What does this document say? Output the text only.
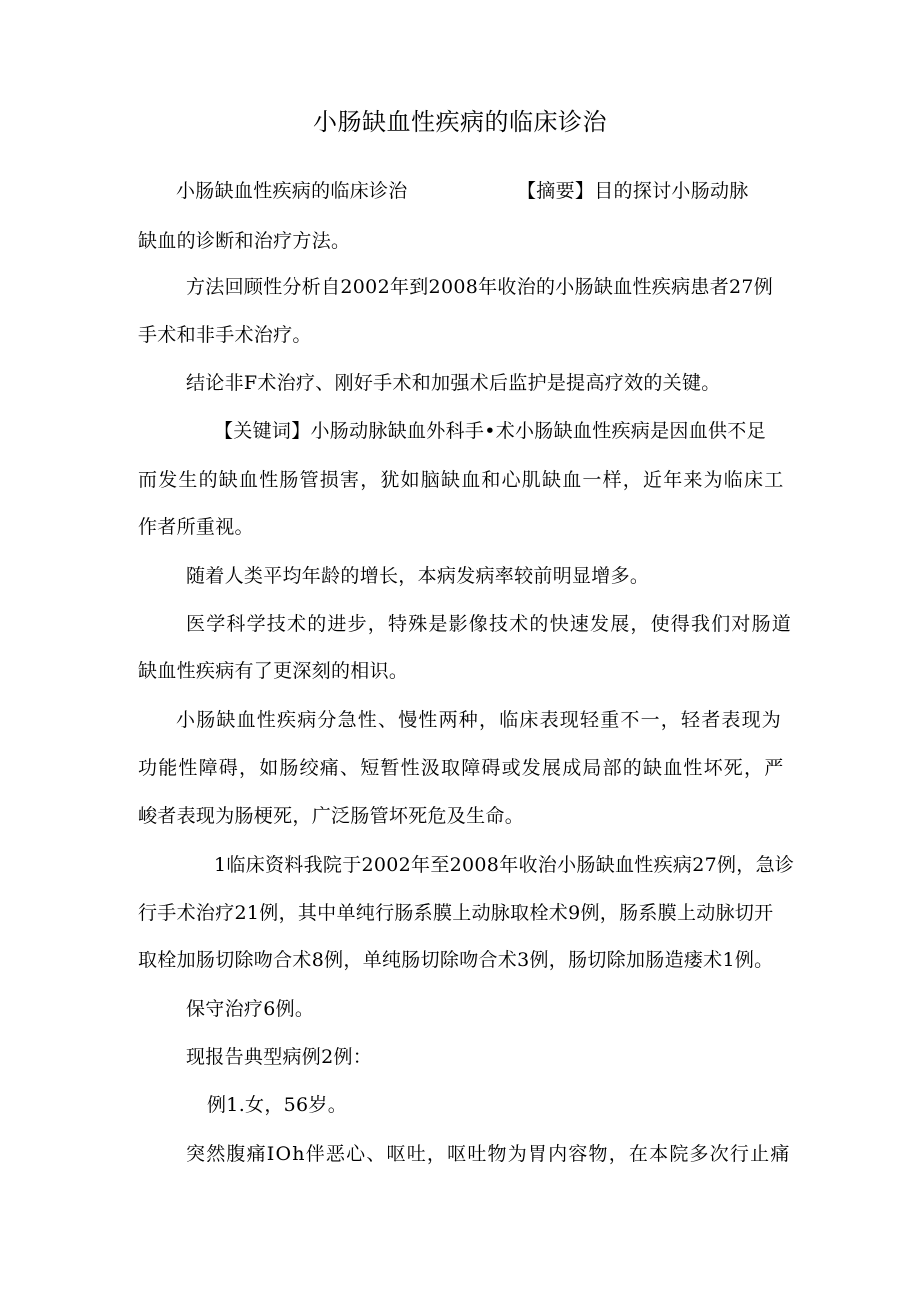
小肠缺血性疾病的临床诊治
小肠缺血性疾病的临床诊治	【摘要】目的探讨小肠动脉
缺血的诊断和治疗方法。
方法回顾性分析自2002年到2008年收治的小肠缺血性疾病患者27例
手术和非手术治疗。
结论非F术治疗、刚好手术和加强术后监护是提高疗效的关键。
【关键词】小肠动脉缺血外科手•术小肠缺血性疾病是因血供不足
而发生的缺血性肠管损害，犹如脑缺血和心肌缺血一样，近年来为临床工
作者所重视。
随着人类平均年龄的增长，本病发病率较前明显增多。
医学科学技术的进步，特殊是影像技术的快速发展，使得我们对肠道
缺血性疾病有了更深刻的相识。
小肠缺血性疾病分急性、慢性两种，临床表现轻重不一，轻者表现为
功能性障碍，如肠绞痛、短暂性汲取障碍或发展成局部的缺血性坏死，严
峻者表现为肠梗死，广泛肠管坏死危及生命。
1临床资料我院于2002年至2008年收治小肠缺血性疾病27例，急诊
行手术治疗21例，其中单纯行肠系膜上动脉取栓术9例，肠系膜上动脉切开
取栓加肠切除吻合术8例，单纯肠切除吻合术3例，肠切除加肠造瘘术1例。
保守治疗6例。
现报告典型病例2例：
例1.女，56岁。
突然腹痛IOh伴恶心、呕吐，呕吐物为胃内容物，在本院多次行止痛
